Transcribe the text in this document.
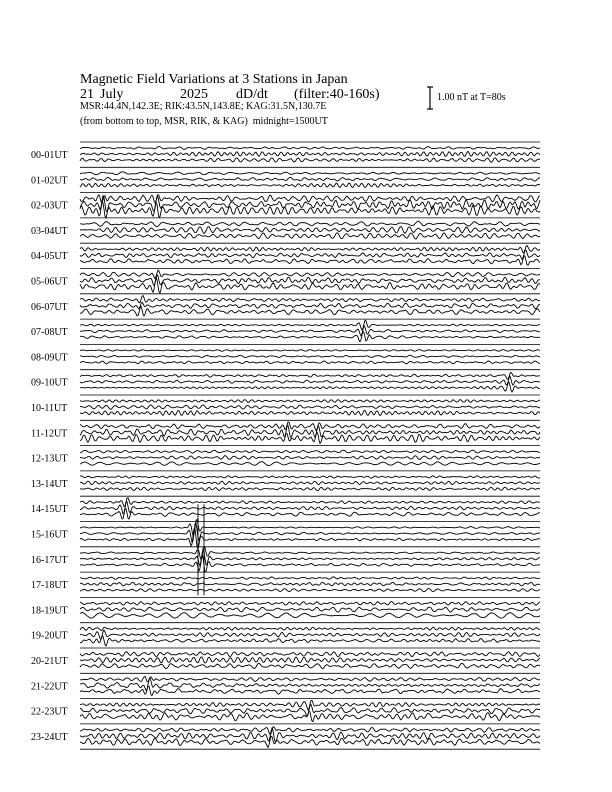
Magnetic Field Variations at 3 Stations in Japan
21 July	2025 dD/dt (filter:40-160s)
MSR:44.4N,142.3E; RIK:43.5N,143.8E; KAG:31.5N,130.7E
(from bottom to top, MSR, RIK, & KAG) midnight=1500UT
1.00 nT at T=80s
00-01UT
01-02UT
02-03UT
03-04UT
04-05UT
05-06UT
06-07UT
07-08UT
08-09UT
09-10UT
10-11UT
11-12UT
12-13UT
13-14UT
14-15UT
15-16UT
16-17UT
17-18UT
18-19UT
19-20UT
20-21UT
21-22UT
22-23UT
23-24UT
